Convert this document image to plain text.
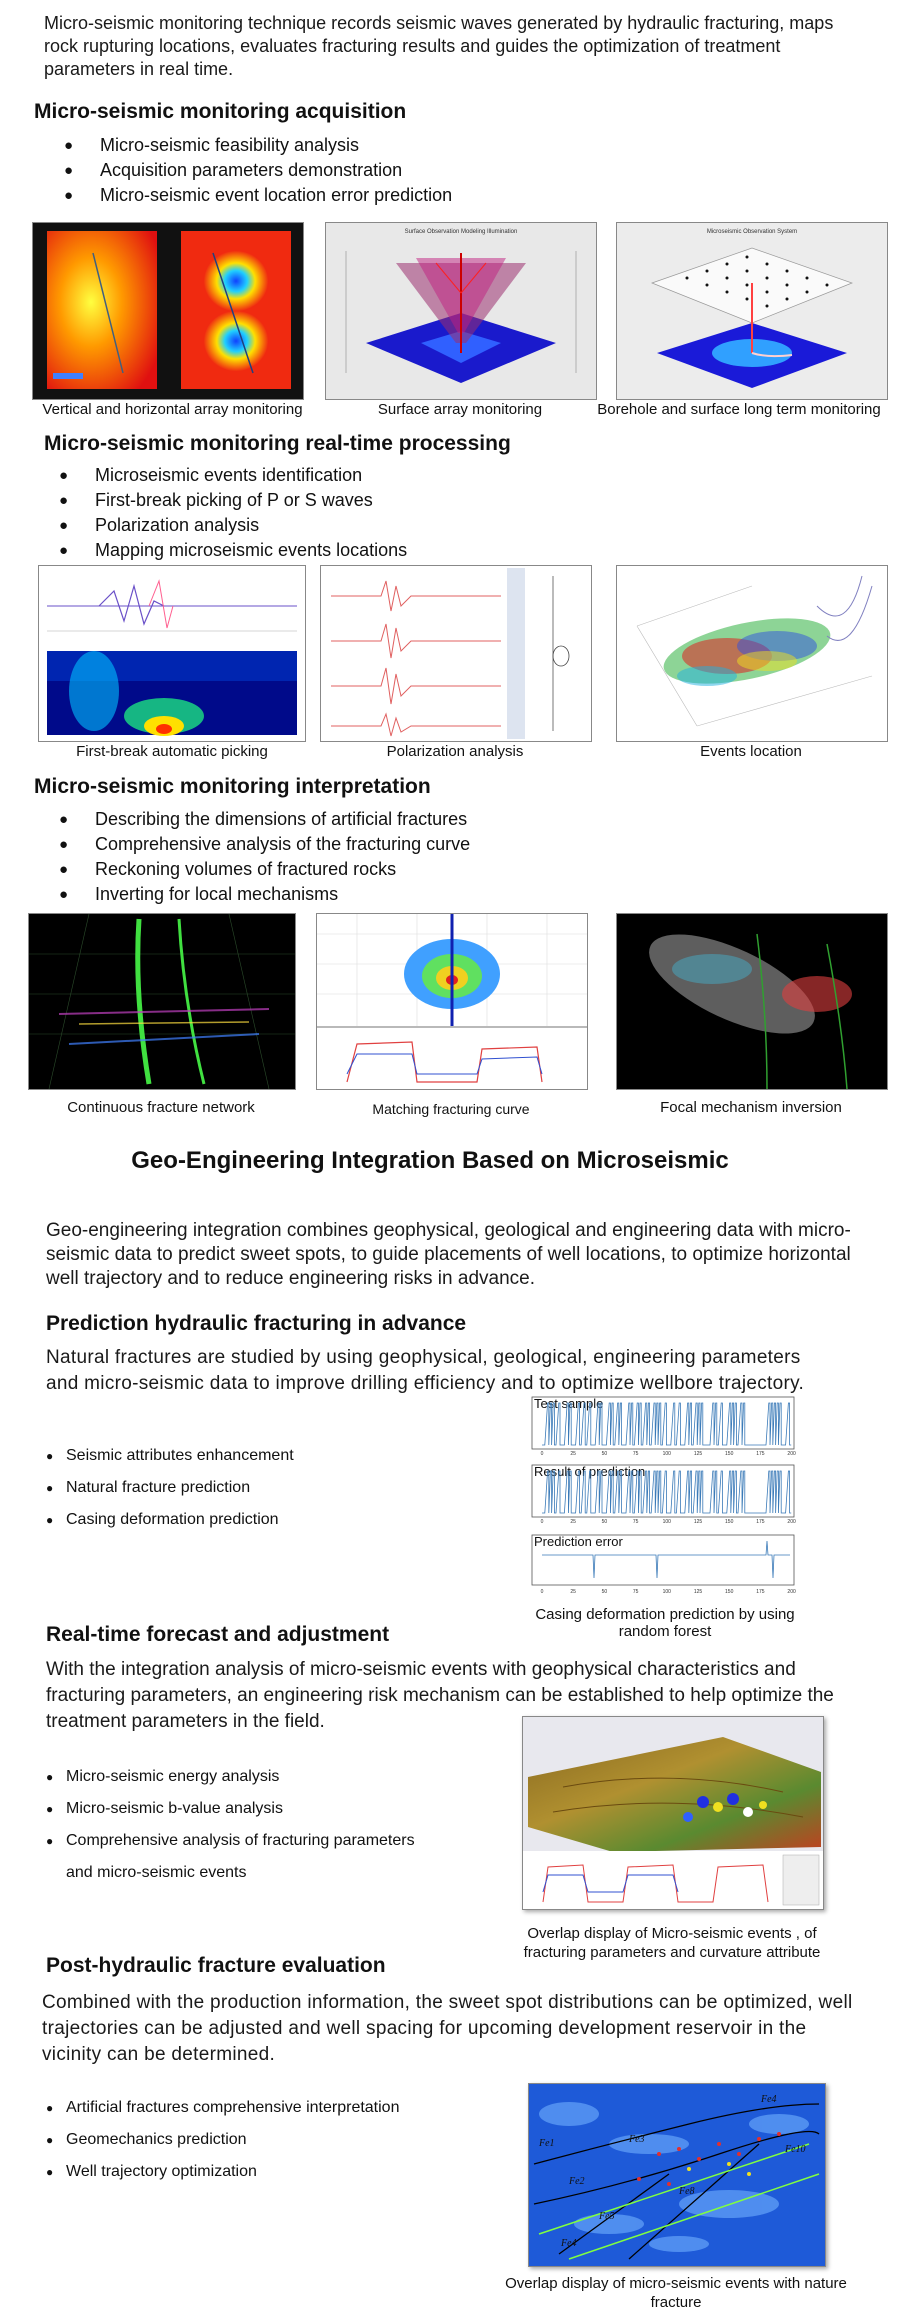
Micro-seismic monitoring technique records seismic waves generated by hydraulic fracturing, maps rock rupturing locations, evaluates fracturing results and guides the optimization of treatment parameters in real time.
Micro-seismic monitoring acquisition
● Micro-seismic feasibility analysis
● Acquisition parameters demonstration
● Micro-seismic event location error prediction
Surface Observation Modeling Illumination	Microseismic Observation System
Vertical and horizontal array monitoring	Surface array monitoring	Borehole and surface long term monitoring
Micro-seismic monitoring real-time processing
● Microseismic events identification
● First-break picking of P or S waves
● Polarization analysis
● Mapping microseismic events locations
First-break automatic picking	Polarization analysis	Events location
Micro-seismic monitoring interpretation
● Describing the dimensions of artificial fractures
● Comprehensive analysis of the fracturing curve
● Reckoning volumes of fractured rocks
● Inverting for local mechanisms
Continuous fracture network	Matching fracturing curve	Focal mechanism inversion
Geo-Engineering Integration Based on Microseismic
Geo-engineering integration combines geophysical, geological and engineering data with micro-seismic data to predict sweet spots, to guide placements of well locations, to optimize horizontal well trajectory and to reduce engineering risks in advance.
Prediction hydraulic fracturing in advance
Natural fractures are studied by using geophysical, geological, engineering parameters and micro-seismic data to improve drilling efficiency and to optimize wellbore trajectory.
● Seismic attributes enhancement
● Natural fracture prediction
● Casing deformation prediction
Test sample
Result of prediction
Prediction error
0	25	50	75	100	125	150	175	200
0	25	50	75	100	125	150	175	200
0	25	50	75	100	125	150	175	200
Casing deformation prediction by using random forest
Real-time forecast and adjustment
With the integration analysis of micro-seismic events with geophysical characteristics and fracturing parameters, an engineering risk mechanism can be established to help optimize the treatment parameters in the field.
● Micro-seismic energy analysis
● Micro-seismic b-value analysis
● Comprehensive analysis of fracturing parameters and micro-seismic events
Overlap display of Micro-seismic events , of fracturing parameters and curvature attribute
Post-hydraulic fracture evaluation
Combined with the production information, the sweet spot distributions can be optimized, well trajectories can be adjusted and well spacing for upcoming development reservoir in the vicinity can be determined.
● Artificial fractures comprehensive interpretation
● Geomechanics prediction
● Well trajectory optimization
Fe4
Fe3
Fe1
Fe2
Fe5
Fe4
Fe8
Fe10
Overlap display of micro-seismic events with nature fracture
